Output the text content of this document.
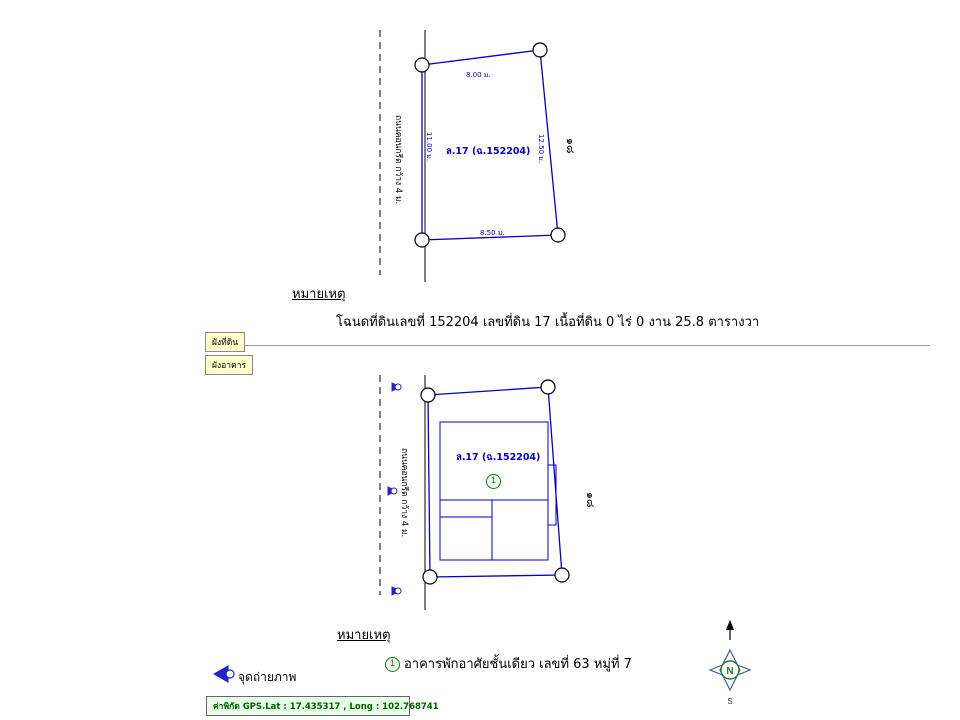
ล.17 (ฉ.152204)
8.00 ม.
12.50 ม.
8.50 ม.
11.00 ม.
ถนนคอนกรีต กว้าง 4 ม.	๑๘
หมายเหตุ
โฉนดที่ดินเลขที่ 152204 เลขที่ดิน 17 เนื้อที่ดิน 0 ไร่ 0 งาน 25.8 ตารางวา
ผังที่ดิน
ผังอาคาร
ล.17 (ฉ.152204)
1
ถนนคอนกรีต กว้าง 4 ม.	๑๘
หมายเหตุ
1 อาคารพักอาศัยชั้นเดียว เลขที่ 63 หมู่ที่ 7
จุดถ่ายภาพ
ค่าพิกัด GPS.Lat : 17.435317 , Long : 102.768741
N
S
